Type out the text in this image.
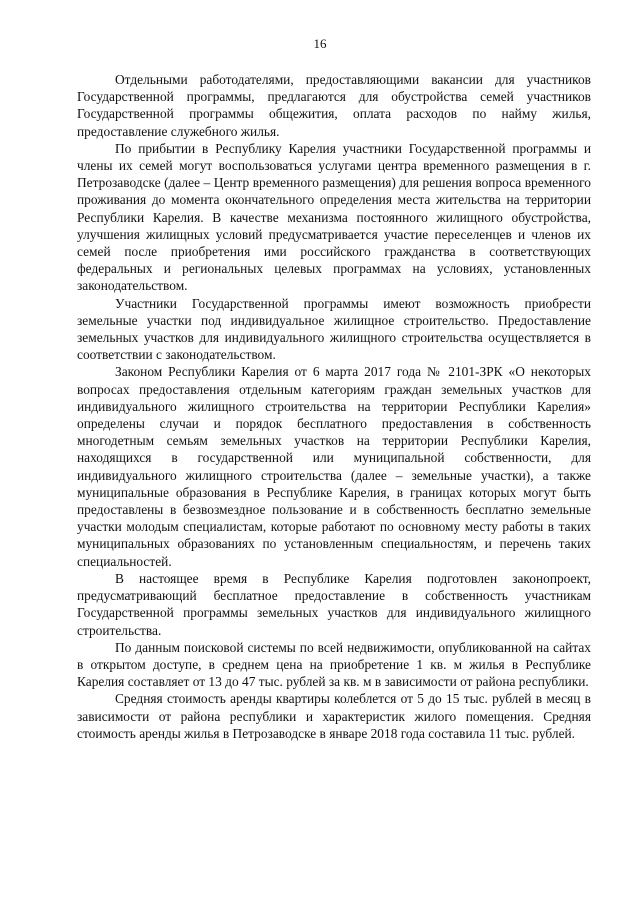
16

Отдельными работодателями, предоставляющими вакансии для участников Государственной программы, предлагаются для обустройства семей участников Государственной программы общежития, оплата расходов по найму жилья, предоставление служебного жилья.

По прибытии в Республику Карелия участники Государственной программы и члены их семей могут воспользоваться услугами центра временного размещения в г. Петрозаводске (далее – Центр временного размещения) для решения вопроса временного проживания до момента окончательного определения места жительства на территории Республики Карелия. В качестве механизма постоянного жилищного обустройства, улучшения жилищных условий предусматривается участие переселенцев и членов их семей после приобретения ими российского гражданства в соответствующих федеральных и региональных целевых программах на условиях, установленных законодательством.

Участники Государственной программы имеют возможность приобрести земельные участки под индивидуальное жилищное строительство. Предоставление земельных участков для индивидуального жилищного строительства осуществляется в соответствии с законодательством.

Законом Республики Карелия от 6 марта 2017 года № 2101-ЗРК «О некоторых вопросах предоставления отдельным категориям граждан земельных участков для индивидуального жилищного строительства на территории Республики Карелия» определены случаи и порядок бесплатного предоставления в собственность многодетным семьям земельных участков на территории Республики Карелия, находящихся в государственной или муниципальной собственности, для индивидуального жилищного строительства (далее – земельные участки), а также муниципальные образования в Республике Карелия, в границах которых могут быть предоставлены в безвозмездное пользование и в собственность бесплатно земельные участки молодым специалистам, которые работают по основному месту работы в таких муниципальных образованиях по установленным специальностям, и перечень таких специальностей.

В настоящее время в Республике Карелия подготовлен законопроект, предусматривающий бесплатное предоставление в собственность участникам Государственной программы земельных участков для индивидуального жилищного строительства.

По данным поисковой системы по всей недвижимости, опубликованной на сайтах в открытом доступе, в среднем цена на приобретение 1 кв. м жилья в Республике Карелия составляет от 13 до 47 тыс. рублей за кв. м в зависимости от района республики.

Средняя стоимость аренды квартиры колеблется от 5 до 15 тыс. рублей в месяц в зависимости от района республики и характеристик жилого помещения. Средняя стоимость аренды жилья в Петрозаводске в январе 2018 года составила 11 тыс. рублей.
